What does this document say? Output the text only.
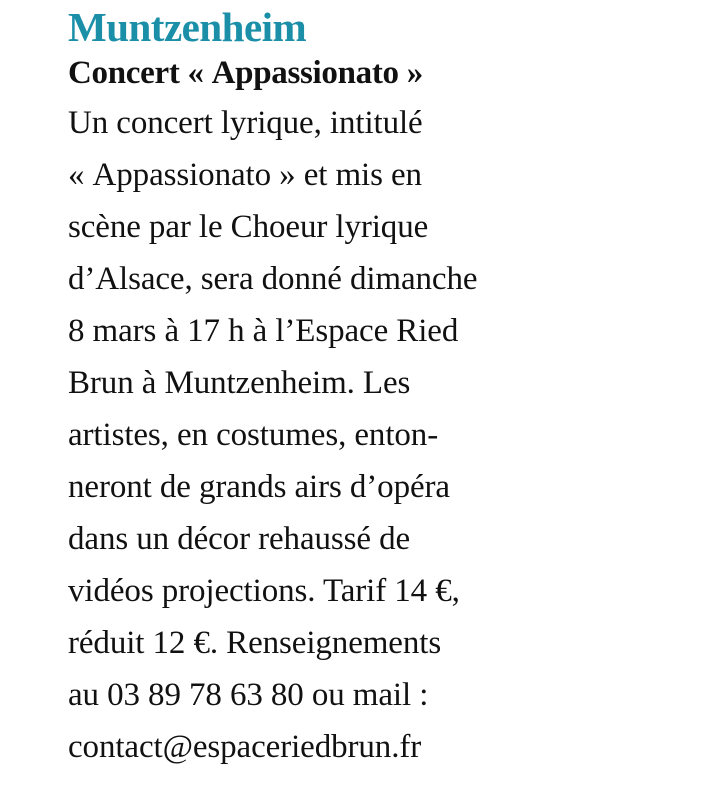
Muntzenheim
Concert « Appassionato »
Un concert lyrique, intitulé
« Appassionato » et mis en
scène par le Choeur lyrique
d’Alsace, sera donné dimanche
8 mars à 17 h à l’Espace Ried
Brun à Muntzenheim. Les
artistes, en costumes, enton-
neront de grands airs d’opéra
dans un décor rehaussé de
vidéos projections. Tarif 14 €,
réduit 12 €. Renseignements
au 03 89 78 63 80 ou mail :
contact@espaceriedbrun.fr
